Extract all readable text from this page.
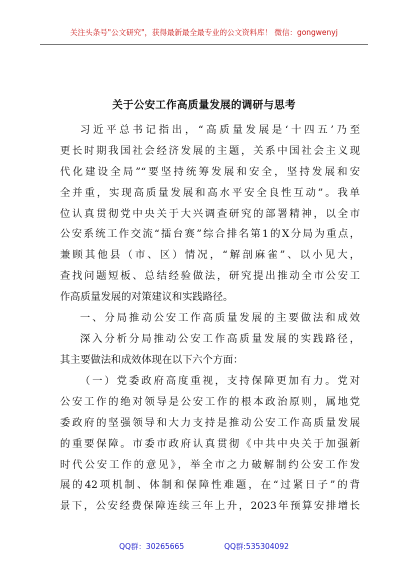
关注头条号"公文研究"，获得最新最全最专业的公文资料库！ 微信：gongwenyj
关于公安工作高质量发展的调研与思考
习近平总书记指出，“高质量发展是‘十四五’乃至
更长时期我国社会经济发展的主题，关系中国社会主义现
代化建设全局”“要坚持统筹发展和安全，坚持发展和安
全并重，实现高质量发展和高水平安全良性互动”。我单
位认真贯彻党中央关于大兴调查研究的部署精神，以全市
公安系统工作交流“擂台赛”综合排名第1的X分局为重点，
兼顾其他县（市、区）情况，“解剖麻雀”、以小见大，
查找问题短板、总结经验做法，研究提出推动全市公安工
作高质量发展的对策建议和实践路径。
一、分局推动公安工作高质量发展的主要做法和成效
深入分析分局推动公安工作高质量发展的实践路径，
其主要做法和成效体现在以下六个方面：
（一）党委政府高度重视，支持保障更加有力。党对
公安工作的绝对领导是公安工作的根本政治原则，属地党
委政府的坚强领导和大力支持是推动公安工作高质量发展
的重要保障。市委市政府认真贯彻《中共中央关于加强新
时代公安工作的意见》，举全市之力破解制约公安工作发
展的42项机制、体制和保障性难题，在“过紧日子”的背
景下，公安经费保障连续三年上升，2023年预算安排增长
QQ群：30265665	QQ群:535304092
